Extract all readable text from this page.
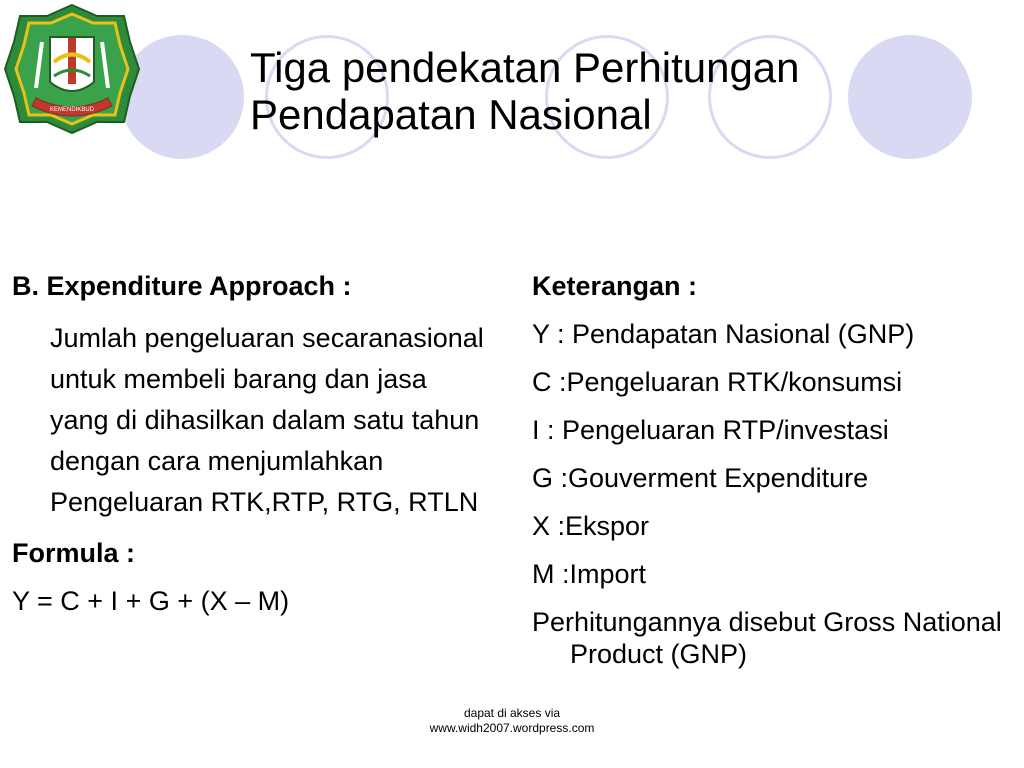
KEMENDIKBUD
Tiga pendekatan Perhitungan
Pendapatan Nasional
B. Expenditure Approach :
Jumlah pengeluaran secaranasional untuk membeli barang dan jasa yang di dihasilkan dalam satu tahun dengan cara menjumlahkan Pengeluaran RTK,RTP, RTG, RTLN
Formula :
Y = C + I + G + (X – M)
Keterangan :
Y : Pendapatan Nasional (GNP)
C :Pengeluaran RTK/konsumsi
I : Pengeluaran RTP/investasi
G :Gouverment Expenditure
X :Ekspor
M :Import
Perhitungannya disebut Gross National Product (GNP)
dapat di akses via
www.widh2007.wordpress.com
